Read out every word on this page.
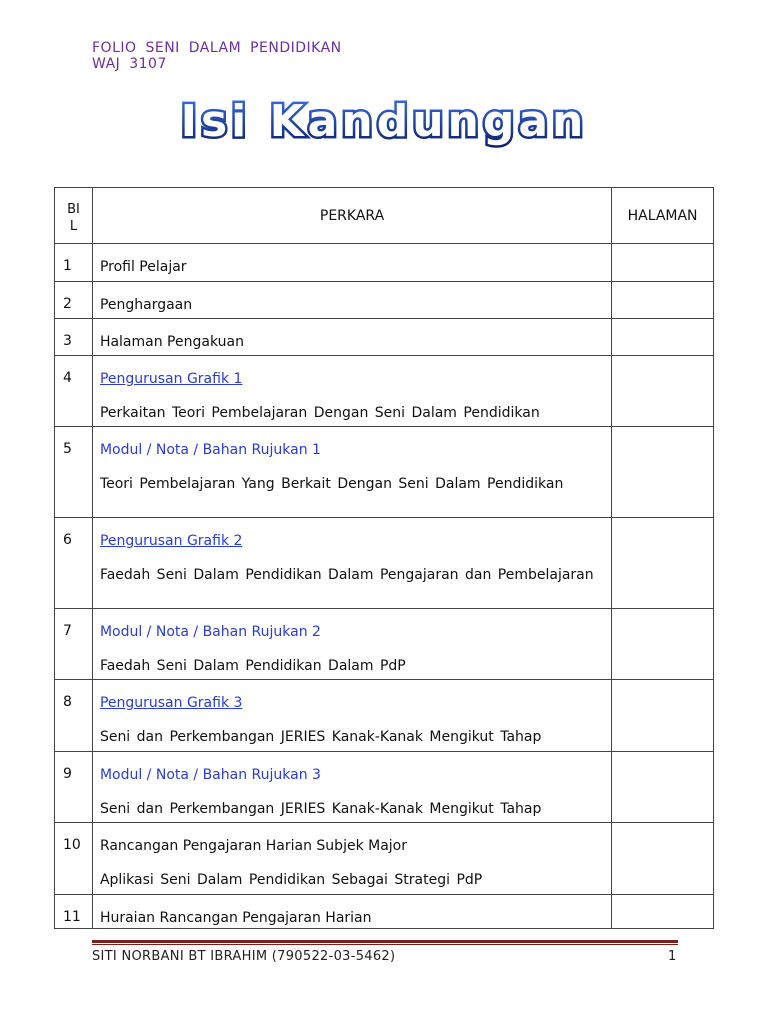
FOLIO SENI DALAM PENDIDIKAN
WAJ 3107
Isi Kandungan
BI
L	PERKARA	HALAMAN
1	Profil Pelajar	

2	Penghargaan	

3	Halaman Pengakuan	

4	Pengurusan Grafik 1
Perkaitan Teori Pembelajaran Dengan Seni Dalam Pendidikan	

5	Modul / Nota / Bahan Rujukan 1
Teori Pembelajaran Yang Berkait Dengan Seni Dalam Pendidikan	

6	Pengurusan Grafik 2
Faedah Seni Dalam Pendidikan Dalam Pengajaran dan Pembelajaran	

7	Modul / Nota / Bahan Rujukan 2
Faedah Seni Dalam Pendidikan Dalam PdP	

8	Pengurusan Grafik 3
Seni dan Perkembangan JERIES Kanak-Kanak Mengikut Tahap	

9	Modul / Nota / Bahan Rujukan 3
Seni dan Perkembangan JERIES Kanak-Kanak Mengikut Tahap	

10	Rancangan Pengajaran Harian Subjek Major
Aplikasi Seni Dalam Pendidikan Sebagai Strategi PdP	

11	Huraian Rancangan Pengajaran Harian	

SITI NORBANI BT IBRAHIM (790522-03-5462)	1
